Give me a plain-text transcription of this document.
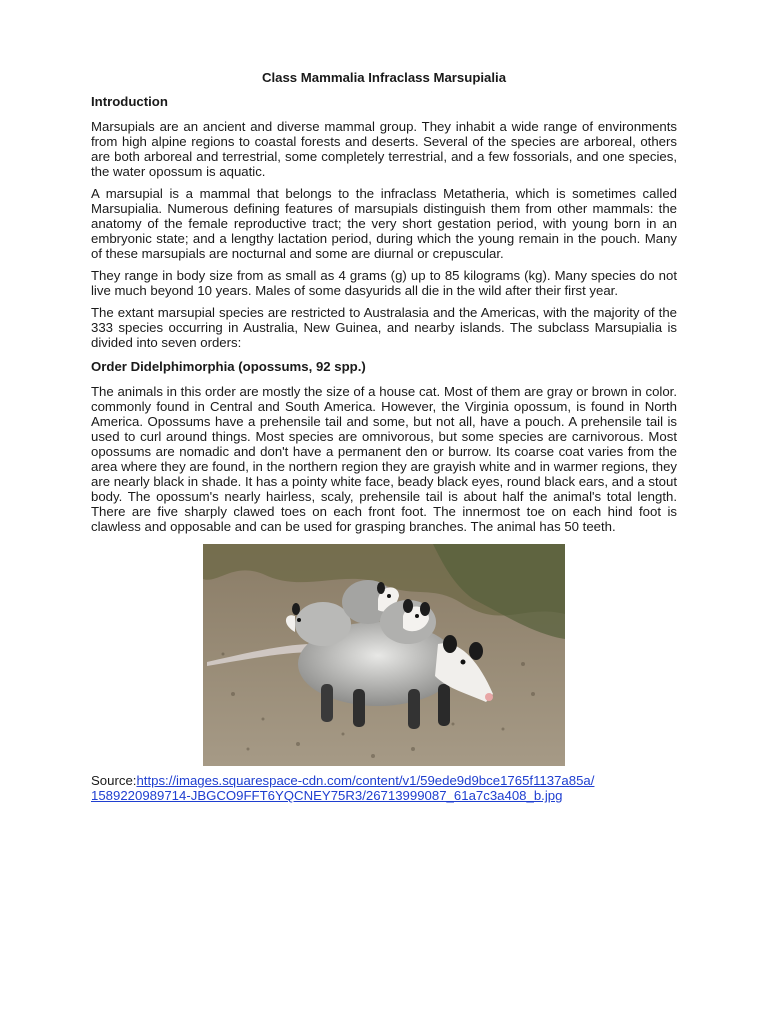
Class Mammalia Infraclass Marsupialia
Introduction

Marsupials are an ancient and diverse mammal group. They inhabit a wide range of environments from high alpine regions to coastal forests and deserts. Several of the species are arboreal, others are both arboreal and terrestrial, some completely terrestrial, and a few fossorials, and one species, the water opossum is aquatic.

A marsupial is a mammal that belongs to the infraclass Metatheria, which is sometimes called Marsupialia. Numerous defining features of marsupials distinguish them from other mammals: the anatomy of the female reproductive tract; the very short gestation period, with young born in an embryonic state; and a lengthy lactation period, during which the young remain in the pouch. Many of these marsupials are nocturnal and some are diurnal or crepuscular.

They range in body size from as small as 4 grams (g) up to 85 kilograms (kg). Many species do not live much beyond 10 years. Males of some dasyurids all die in the wild after their first year.

The extant marsupial species are restricted to Australasia and the Americas, with the majority of the 333 species occurring in Australia, New Guinea, and nearby islands. The subclass Marsupialia is divided into seven orders:

Order Didelphimorphia (opossums, 92 spp.)

The animals in this order are mostly the size of a house cat. Most of them are gray or brown in color. commonly found in Central and South America. However, the Virginia opossum, is found in North America. Opossums have a prehensile tail and some, but not all, have a pouch. A prehensile tail is used to curl around things. Most species are omnivorous, but some species are carnivorous. Most opossums are nomadic and don't have a permanent den or burrow. Its coarse coat varies from the area where they are found, in the northern region they are grayish white and in warmer regions, they are nearly black in shade. It has a pointy white face, beady black eyes, round black ears, and a stout body. The opossum's nearly hairless, scaly, prehensile tail is about half the animal's total length. There are five sharply clawed toes on each front foot. The innermost toe on each hind foot is clawless and opposable and can be used for grasping branches. The animal has 50 teeth.

Source:https://images.squarespace-cdn.com/content/v1/59ede9d9bce1765f1137a85a/
1589220989714-JBGCO9FFT6YQCNEY75R3/26713999087_61a7c3a408_b.jpg
